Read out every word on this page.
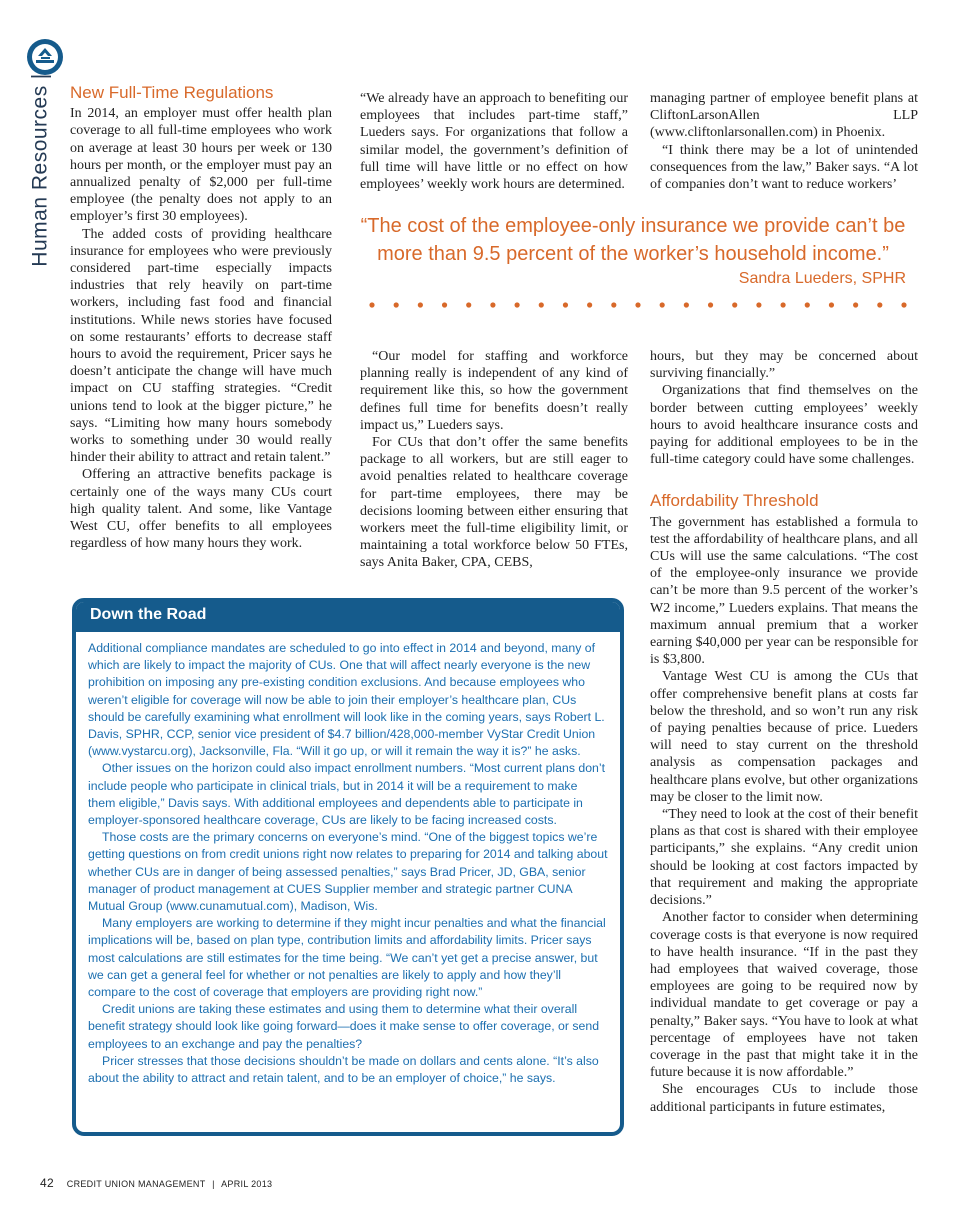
Human Resources|
New Full-Time Regulations

In 2014, an employer must offer health plan coverage to all full-time employees who work on average at least 30 hours per week or 130 hours per month, or the employer must pay an annualized penalty of $2,000 per full-time employee (the penalty does not apply to an employer’s first 30 employees).

The added costs of providing healthcare insurance for employees who were previously considered part-time especially impacts industries that rely heavily on part-time workers, including fast food and financial institutions. While news stories have focused on some restaurants’ efforts to decrease staff hours to avoid the requirement, Pricer says he doesn’t anticipate the change will have much impact on CU staffing strategies. “Credit unions tend to look at the bigger picture,” he says. “Limiting how many hours somebody works to something under 30 would really hinder their ability to attract and retain talent.”

Offering an attractive benefits package is certainly one of the ways many CUs court high quality talent. And some, like Vantage West CU, offer benefits to all employees regardless of how many hours they work.

“We already have an approach to benefiting our employees that includes part-time staff,” Lueders says. For organizations that follow a similar model, the government’s definition of full time will have little or no effect on how employees’ weekly work hours are determined.

managing partner of employee benefit plans at CliftonLarsonAllen LLP (www.cliftonlarsonallen.com) in Phoenix.

“I think there may be a lot of unintended consequences from the law,” Baker says. “A lot of companies don’t want to reduce workers’

“The cost of the employee-only insurance we provide can’t be more than 9.5 percent of the worker’s household income.”

Sandra Lueders, SPHR

“Our model for staffing and workforce planning really is independent of any kind of requirement like this, so how the government defines full time for benefits doesn’t really impact us,” Lueders says.

For CUs that don’t offer the same benefits package to all workers, but are still eager to avoid penalties related to healthcare coverage for part-time employees, there may be decisions looming between either ensuring that workers meet the full-time eligibility limit, or maintaining a total workforce below 50 FTEs, says Anita Baker, CPA, CEBS,

hours, but they may be concerned about surviving financially.”

Organizations that find themselves on the border between cutting employees’ weekly hours to avoid healthcare insurance costs and paying for additional employees to be in the full-time category could have some challenges.

Affordability Threshold

The government has established a formula to test the affordability of healthcare plans, and all CUs will use the same calculations. “The cost of the employee-only insurance we provide can’t be more than 9.5 percent of the worker’s W2 income,” Lueders explains. That means the maximum annual premium that a worker earning $40,000 per year can be responsible for is $3,800.

Vantage West CU is among the CUs that offer comprehensive benefit plans at costs far below the threshold, and so won’t run any risk of paying penalties because of price. Lueders will need to stay current on the threshold analysis as compensation packages and healthcare plans evolve, but other organizations may be closer to the limit now.

“They need to look at the cost of their benefit plans as that cost is shared with their employee participants,” she explains. “Any credit union should be looking at cost factors impacted by that requirement and making the appropriate decisions.”

Another factor to consider when determining coverage costs is that everyone is now required to have health insurance. “If in the past they had employees that waived coverage, those employees are going to be required now by individual mandate to get coverage or pay a penalty,” Baker says. “You have to look at what percentage of employees have not taken coverage in the past that might take it in the future because it is now affordable.”

She encourages CUs to include those additional participants in future estimates,

Down the Road

Additional compliance mandates are scheduled to go into effect in 2014 and beyond, many of which are likely to impact the majority of CUs. One that will affect nearly everyone is the new prohibition on imposing any pre-existing condition exclusions. And because employees who weren’t eligible for coverage will now be able to join their employer’s healthcare plan, CUs should be carefully examining what enrollment will look like in the coming years, says Robert L. Davis, SPHR, CCP, senior vice president of $4.7 billion/428,000-member VyStar Credit Union (www.vystarcu.org), Jacksonville, Fla. “Will it go up, or will it remain the way it is?” he asks.

Other issues on the horizon could also impact enrollment numbers. “Most current plans don’t include people who participate in clinical trials, but in 2014 it will be a requirement to make them eligible,” Davis says. With additional employees and dependents able to participate in employer-sponsored healthcare coverage, CUs are likely to be facing increased costs.

Those costs are the primary concerns on everyone’s mind. “One of the biggest topics we’re getting questions on from credit unions right now relates to preparing for 2014 and talking about whether CUs are in danger of being assessed penalties,” says Brad Pricer, JD, GBA, senior manager of product management at CUES Supplier member and strategic partner CUNA Mutual Group (www.cunamutual.com), Madison, Wis.

Many employers are working to determine if they might incur penalties and what the financial implications will be, based on plan type, contribution limits and affordability limits. Pricer says most calculations are still estimates for the time being. “We can’t yet get a precise answer, but we can get a general feel for whether or not penalties are likely to apply and how they’ll compare to the cost of coverage that employers are providing right now.”

Credit unions are taking these estimates and using them to determine what their overall benefit strategy should look like going forward—does it make sense to offer coverage, or send employees to an exchange and pay the penalties?

Pricer stresses that those decisions shouldn’t be made on dollars and cents alone. “It’s also about the ability to attract and retain talent, and to be an employer of choice,” he says.

42 CREDIT UNION MANAGEMENT | APRIL 2013
